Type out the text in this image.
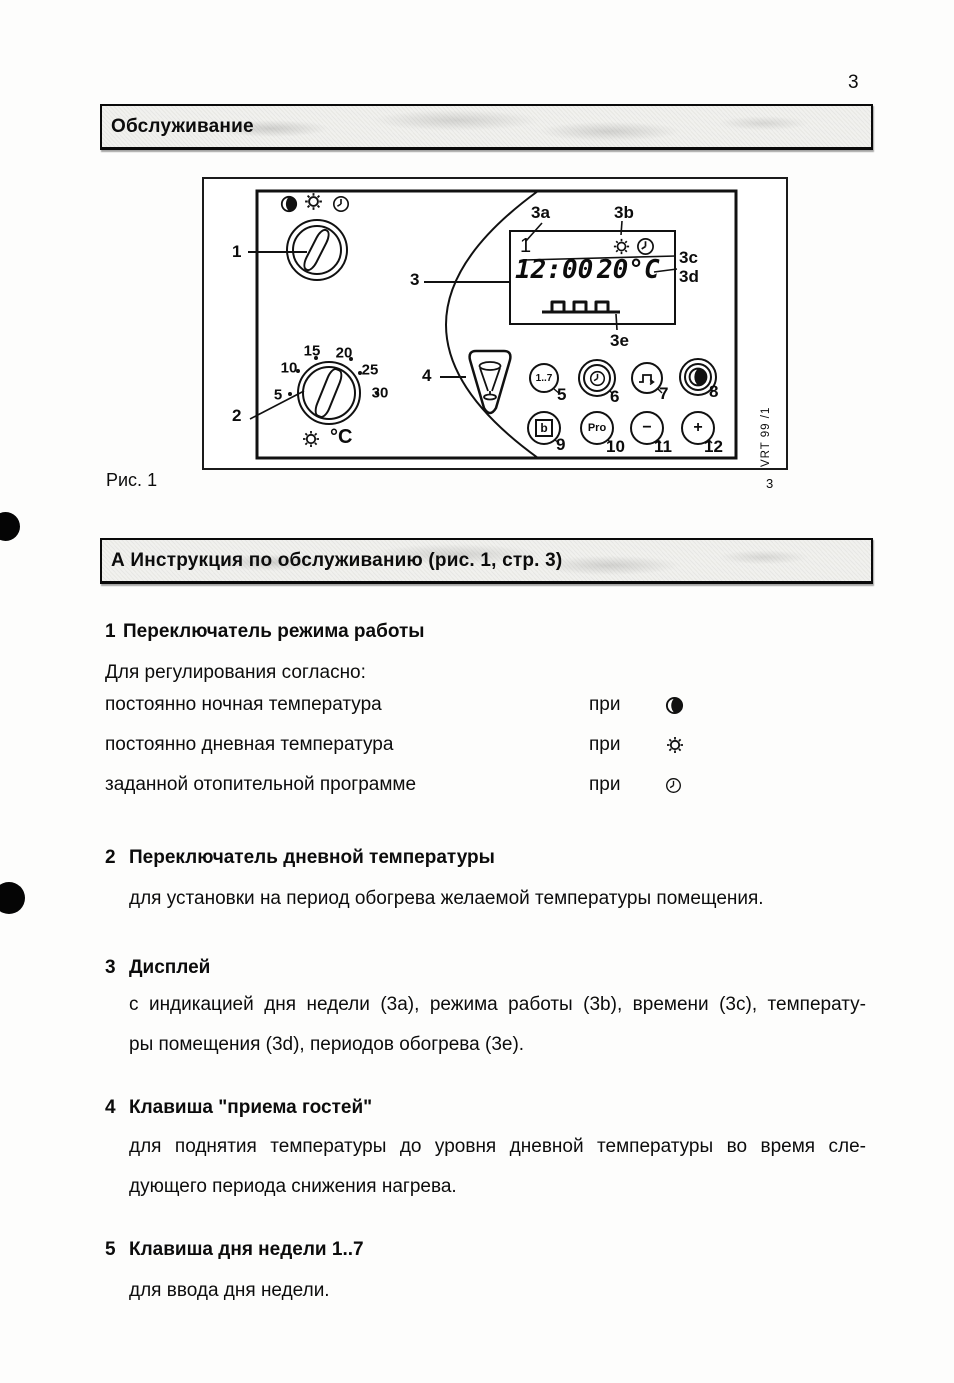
3
Обслуживание
1
12:00 20°C
5
10
15 20
25
30
°C
1..7
b	Pro −	+
1
2
3
4
3a	3b
3c
3d
3e
5	6 7 8
9 10 11 12	VRT 99 /1
Рис. 1	3
А Инструкция по обслуживанию (рис. 1, стр. 3)
1 Переключатель режима работы
Для регулирования согласно:
постоянно ночная температура	при
постоянно дневная температура	при
заданной отопительной программе	при
2 Переключатель дневной температуры
для установки на период обогрева желаемой температуры помещения.
3 Дисплей
с индикацией дня недели (3a), режима работы (3b), времени (3c), температу-
ры помещения (3d), периодов обогрева (3e).
4 Клавиша "приема гостей"
для поднятия температуры до уровня дневной температуры во время сле-
дующего периода снижения нагрева.
5 Клавиша дня недели 1..7
для ввода дня недели.
